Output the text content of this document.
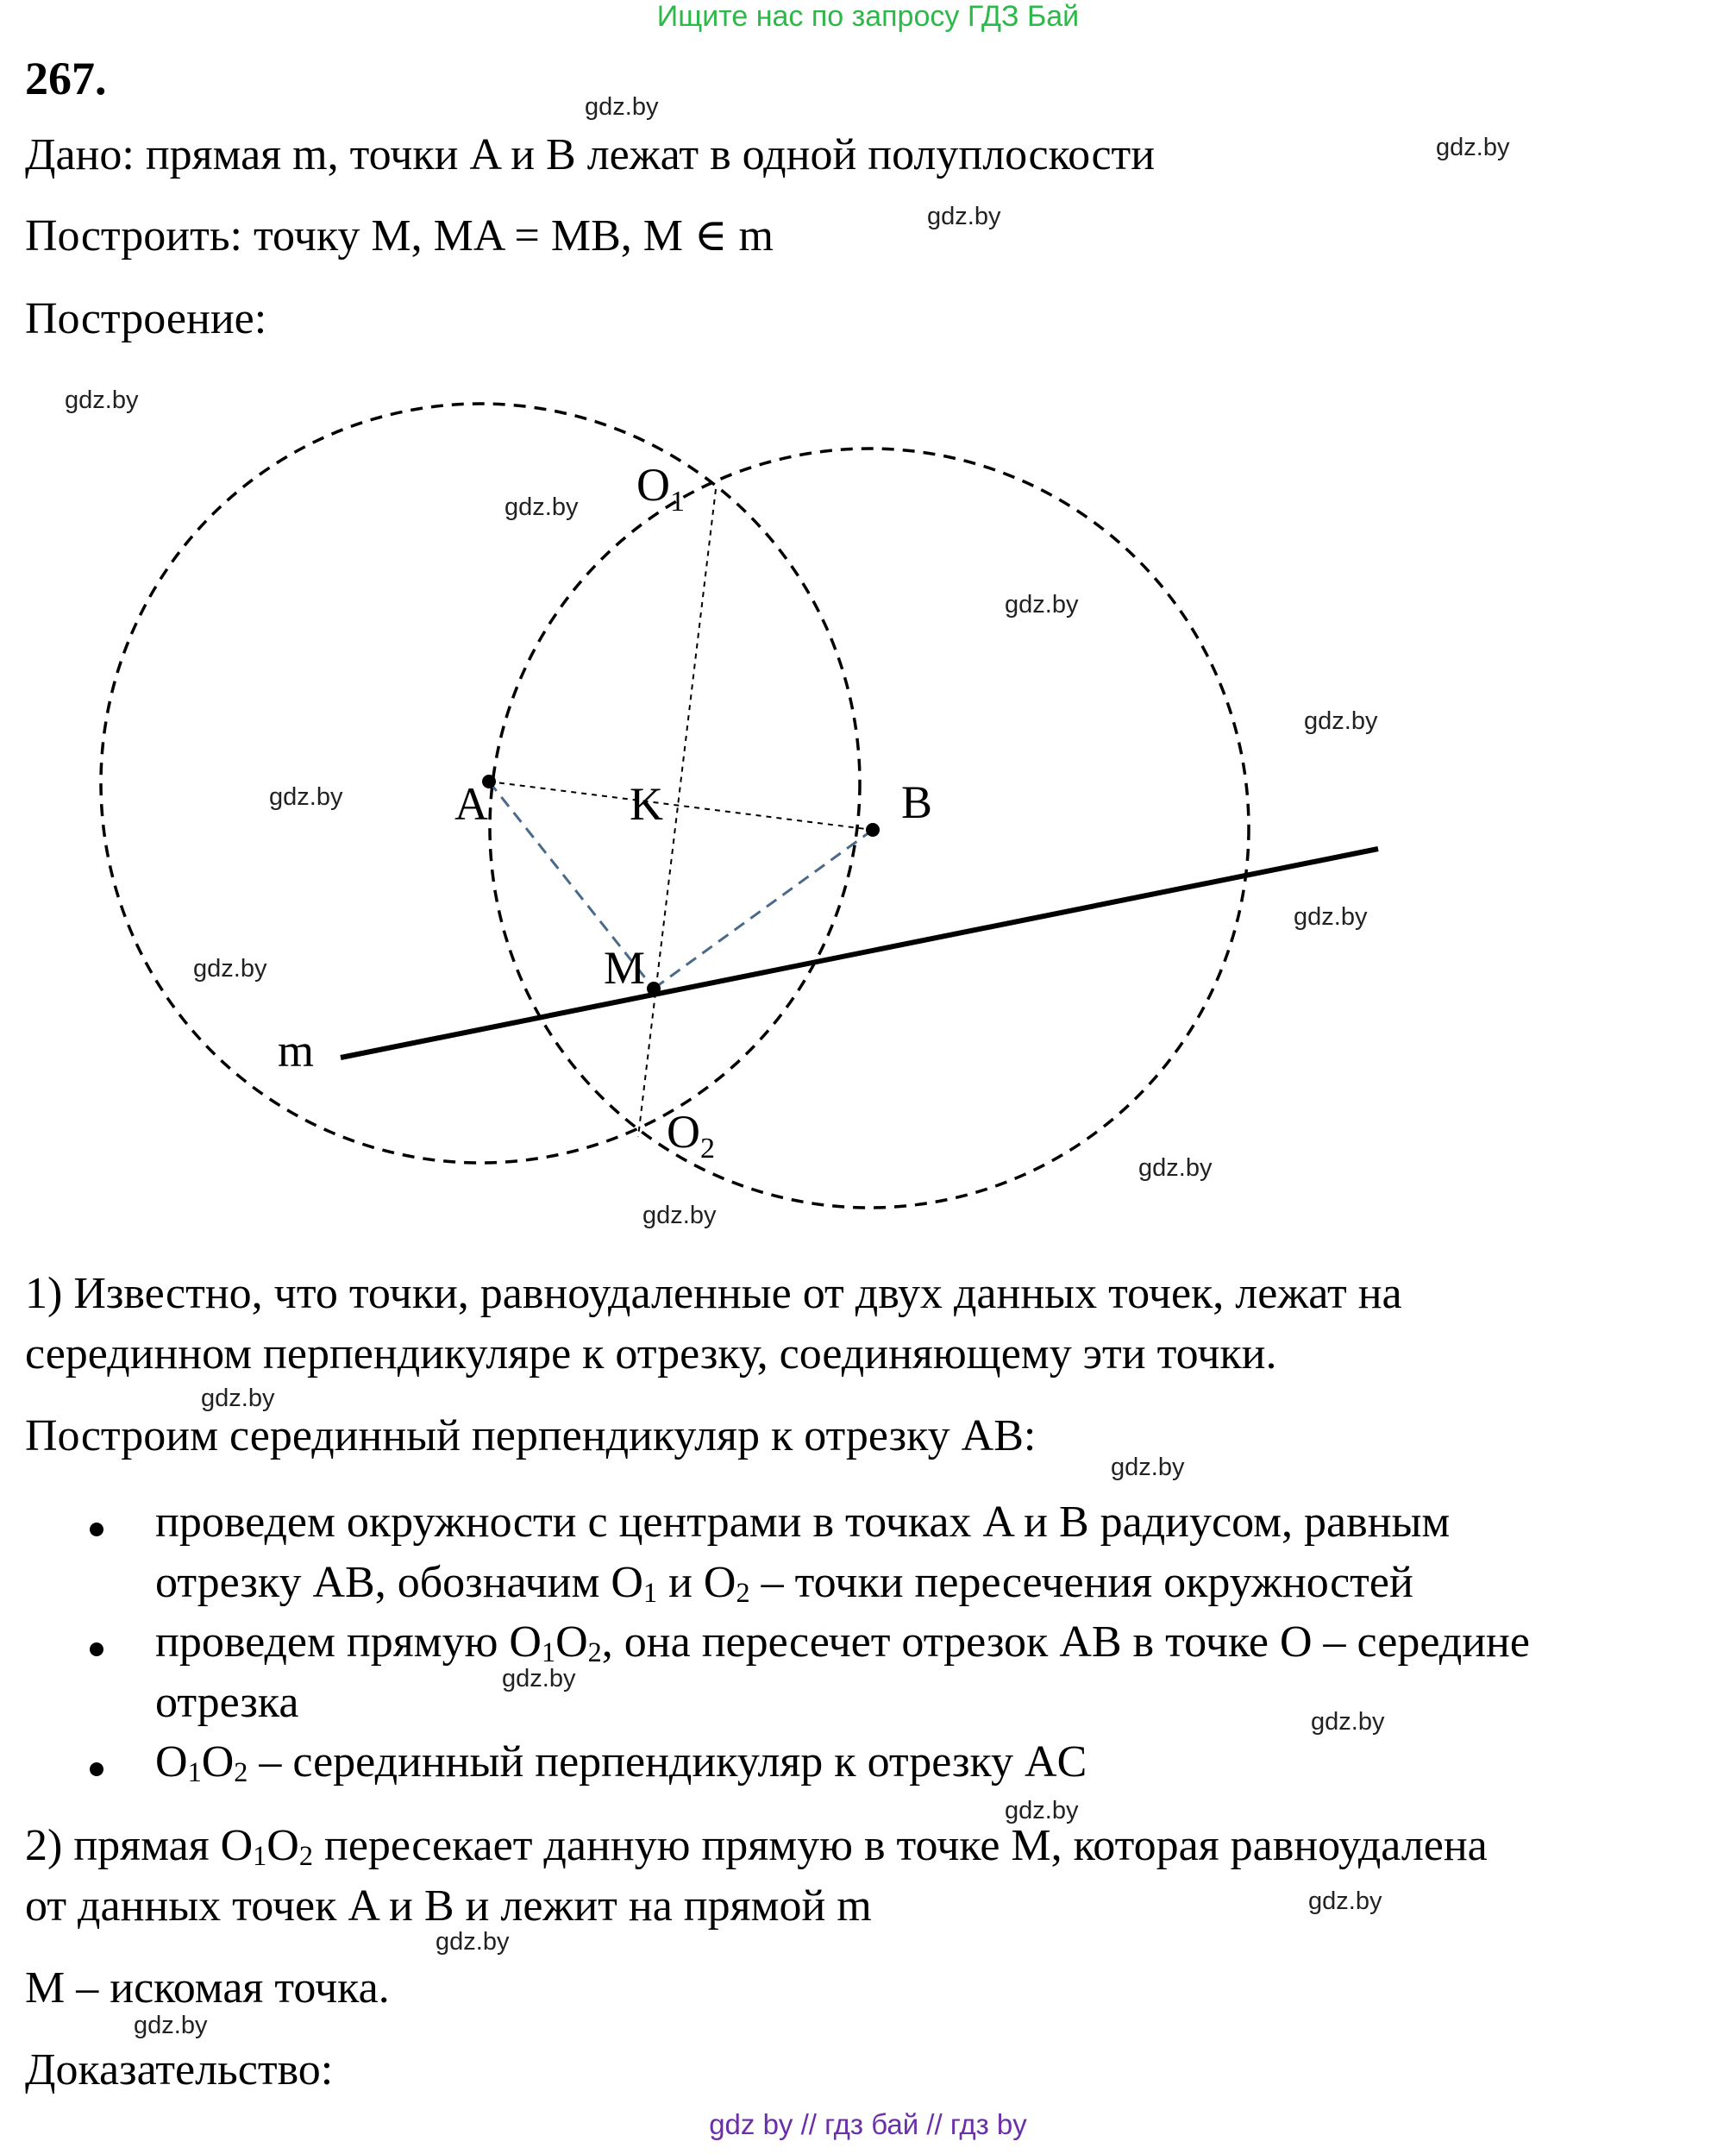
Ищите нас по запросу ГДЗ Бай
267.
Дано: прямая m, точки A и B лежат в одной полуплоскости
Построить: точку M, MA = MB, M ∈ m
Построение:
A	B
K
M
m
$O_1$
$O_2$
1) Известно, что точки, равноудаленные от двух данных точек, лежат на
серединном перпендикуляре к отрезку, соединяющему эти точки.
Построим серединный перпендикуляр к отрезку AB:
проведем окружности с центрами в точках A и B радиусом, равным
отрезку AB, обозначим $O_1$ и $O_2$ – точки пересечения окружностей
проведем прямую $O_1O_2$, она пересечет отрезок AB в точке O – середине
отрезка
$O_1O_2$ – серединный перпендикуляр к отрезку AC
2) прямая $O_1O_2$ пересекает данную прямую в точке M, которая равноудалена
от данных точек A и B и лежит на прямой m
M – искомая точка.
Доказательство:
gdz.by
gdz.by
gdz.by
gdz.by
gdz.by
gdz.by
gdz.by
gdz.by
gdz.by
gdz.by
gdz.by
gdz.by
gdz.by
gdz.by
gdz.by
gdz.by
gdz.by
gdz.by
gdz.by
gdz.by
gdz by // гдз бай // гдз by
